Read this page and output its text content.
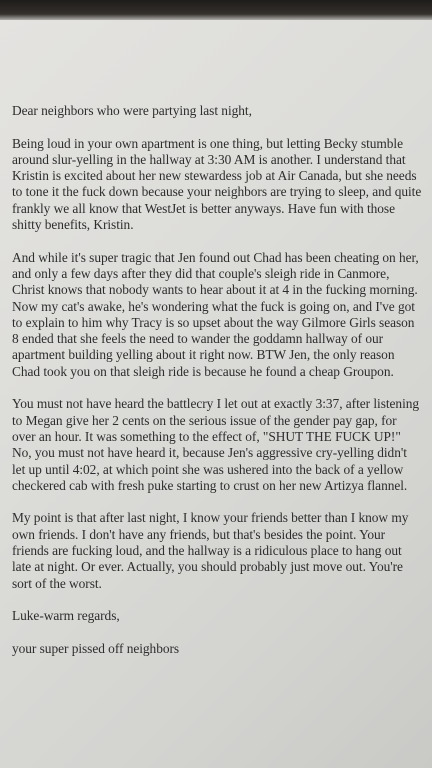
Dear neighbors who were partying last night,

Being loud in your own apartment is one thing, but letting Becky stumble around slur-yelling in the hallway at 3:30 AM is another. I understand that Kristin is excited about her new stewardess job at Air Canada, but she needs to tone it the fuck down because your neighbors are trying to sleep, and quite frankly we all know that WestJet is better anyways. Have fun with those shitty benefits, Kristin.

And while it's super tragic that Jen found out Chad has been cheating on her, and only a few days after they did that couple's sleigh ride in Canmore, Christ knows that nobody wants to hear about it at 4 in the fucking morning. Now my cat's awake, he's wondering what the fuck is going on, and I've got to explain to him why Tracy is so upset about the way Gilmore Girls season 8 ended that she feels the need to wander the goddamn hallway of our apartment building yelling about it right now. BTW Jen, the only reason Chad took you on that sleigh ride is because he found a cheap Groupon.

You must not have heard the battlecry I let out at exactly 3:37, after listening to Megan give her 2 cents on the serious issue of the gender pay gap, for over an hour. It was something to the effect of, "SHUT THE FUCK UP!" No, you must not have heard it, because Jen's aggressive cry-yelling didn't let up until 4:02, at which point she was ushered into the back of a yellow checkered cab with fresh puke starting to crust on her new Artizya flannel.

My point is that after last night, I know your friends better than I know my own friends. I don't have any friends, but that's besides the point. Your friends are fucking loud, and the hallway is a ridiculous place to hang out late at night. Or ever. Actually, you should probably just move out. You're sort of the worst.

Luke-warm regards,

your super pissed off neighbors
